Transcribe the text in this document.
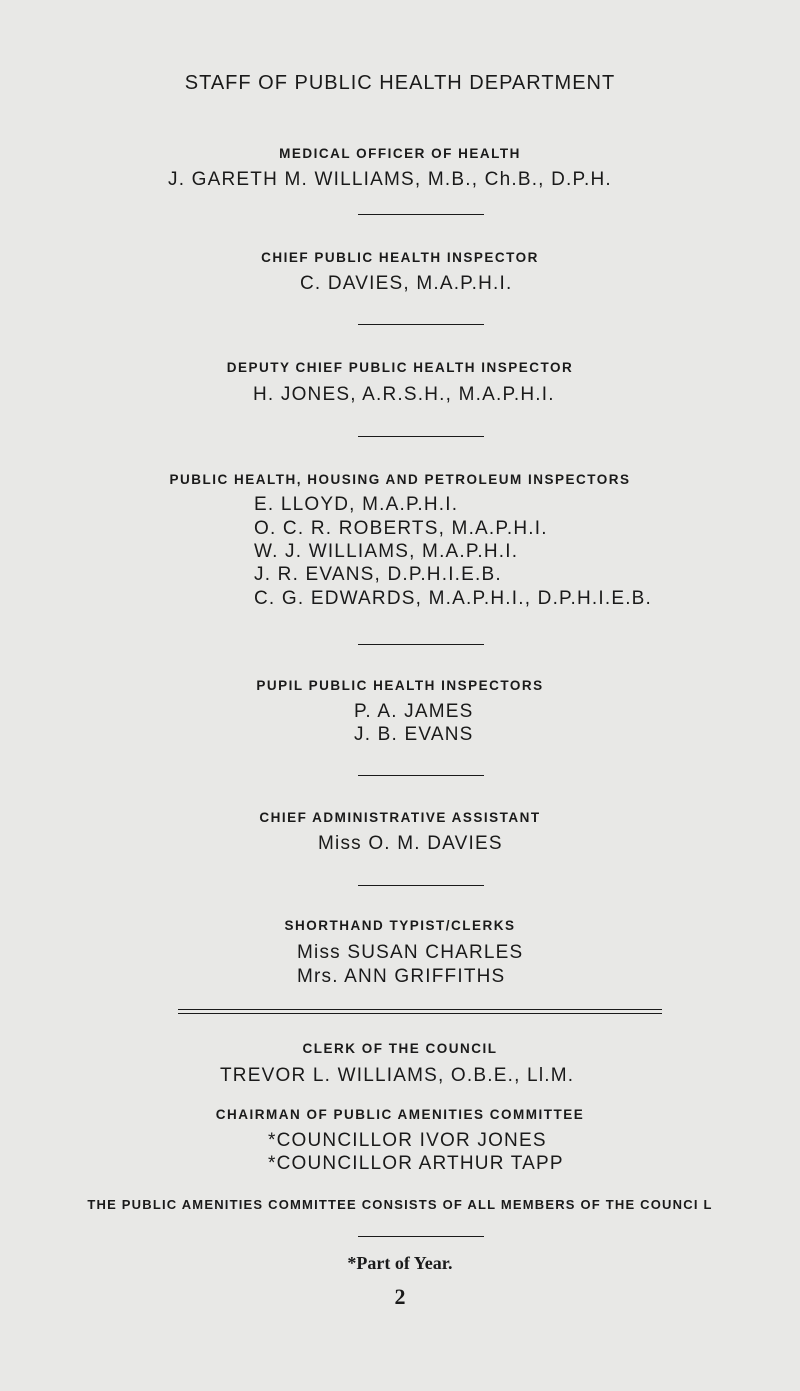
STAFF OF PUBLIC HEALTH DEPARTMENT
MEDICAL OFFICER OF HEALTH
J. GARETH M. WILLIAMS, M.B., Ch.B., D.P.H.
CHIEF PUBLIC HEALTH INSPECTOR
C. DAVIES, M.A.P.H.I.
DEPUTY CHIEF PUBLIC HEALTH INSPECTOR
H. JONES, A.R.S.H., M.A.P.H.I.
PUBLIC HEALTH, HOUSING AND PETROLEUM INSPECTORS
E. LLOYD, M.A.P.H.I.
O. C. R. ROBERTS, M.A.P.H.I.
W. J. WILLIAMS, M.A.P.H.I.
J. R. EVANS, D.P.H.I.E.B.
C. G. EDWARDS, M.A.P.H.I., D.P.H.I.E.B.
PUPIL PUBLIC HEALTH INSPECTORS
P. A. JAMES
J. B. EVANS
CHIEF ADMINISTRATIVE ASSISTANT
Miss O. M. DAVIES
SHORTHAND TYPIST/CLERKS
Miss SUSAN CHARLES
Mrs. ANN GRIFFITHS
CLERK OF THE COUNCIL
TREVOR L. WILLIAMS, O.B.E., Ll.M.
CHAIRMAN OF PUBLIC AMENITIES COMMITTEE
*COUNCILLOR IVOR JONES
*COUNCILLOR ARTHUR TAPP
THE PUBLIC AMENITIES COMMITTEE CONSISTS OF ALL MEMBERS OF THE COUNCI L
*Part of Year.
2
